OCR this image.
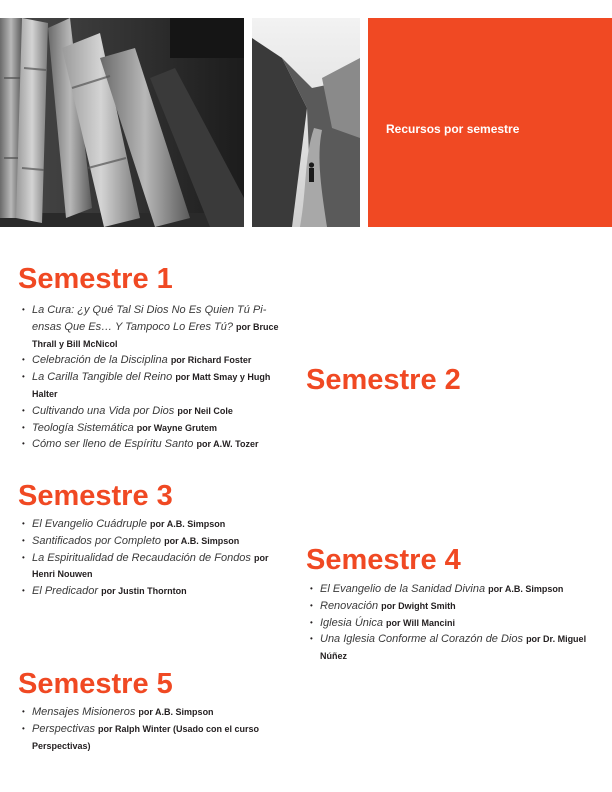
Recursos por semestre
Semestre 1
• La Cura: ¿y Qué Tal Si Dios No Es Quien Tú Pi-ensas Que Es… Y Tampoco Lo Eres Tú? por Bruce Thrall y Bill McNicol
• Celebración de la Disciplina por Richard Foster
• La Carilla Tangible del Reino por Matt Smay y Hugh Halter
• Cultivando una Vida por Dios por Neil Cole
• Teología Sistemática por Wayne Grutem
• Cómo ser lleno de Espíritu Santo por A.W. Tozer
Semestre 2
Semestre 3
• El Evangelio Cuádruple por A.B. Simpson
• Santificados por Completo por A.B. Simpson
• La Espiritualidad de Recaudación de Fondos por Henri Nouwen
• El Predicador por Justin Thornton
Semestre 4
• El Evangelio de la Sanidad Divina por A.B. Simpson
• Renovación por Dwight Smith
• Iglesia Única por Will Mancini
• Una Iglesia Conforme al Corazón de Dios por Dr. Miguel Núñez
Semestre 5
• Mensajes Misioneros por A.B. Simpson
• Perspectivas por Ralph Winter (Usado con el curso Perspectivas)
